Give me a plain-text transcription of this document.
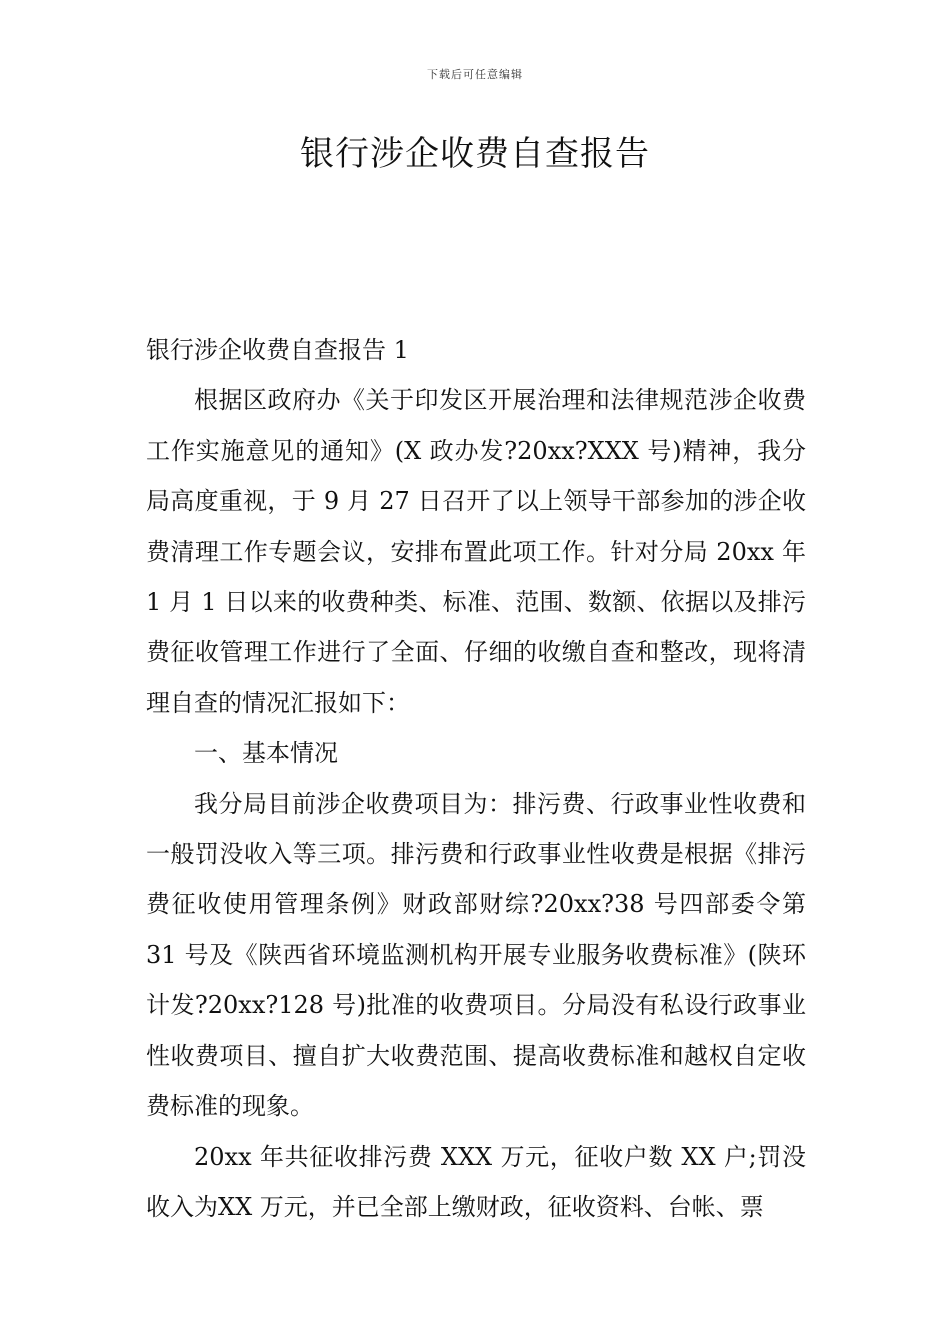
下载后可任意编辑
银行涉企收费自查报告

银行涉企收费自查报告 1

根据区政府办《关于印发区开展治理和法律规范涉企收费工作实施意见的通知》(X 政办发?20xx?XXX 号)精神，我分局高度重视，于 9 月 27 日召开了以上领导干部参加的涉企收费清理工作专题会议，安排布置此项工作。针对分局 20xx 年 1 月 1 日以来的收费种类、标准、范围、数额、依据以及排污费征收管理工作进行了全面、仔细的收缴自查和整改，现将清理自查的情况汇报如下：

一、基本情况

我分局目前涉企收费项目为：排污费、行政事业性收费和一般罚没收入等三项。排污费和行政事业性收费是根据《排污费征收使用管理条例》财政部财综?20xx?38 号四部委令第 31 号及《陕西省环境监测机构开展专业服务收费标准》(陕环计发?20xx?128 号)批准的收费项目。分局没有私设行政事业性收费项目、擅自扩大收费范围、提高收费标准和越权自定收费标准的现象。

20xx 年共征收排污费 XXX 万元，征收户数 XX 户;罚没收入为XX 万元，并已全部上缴财政，征收资料、台帐、票
